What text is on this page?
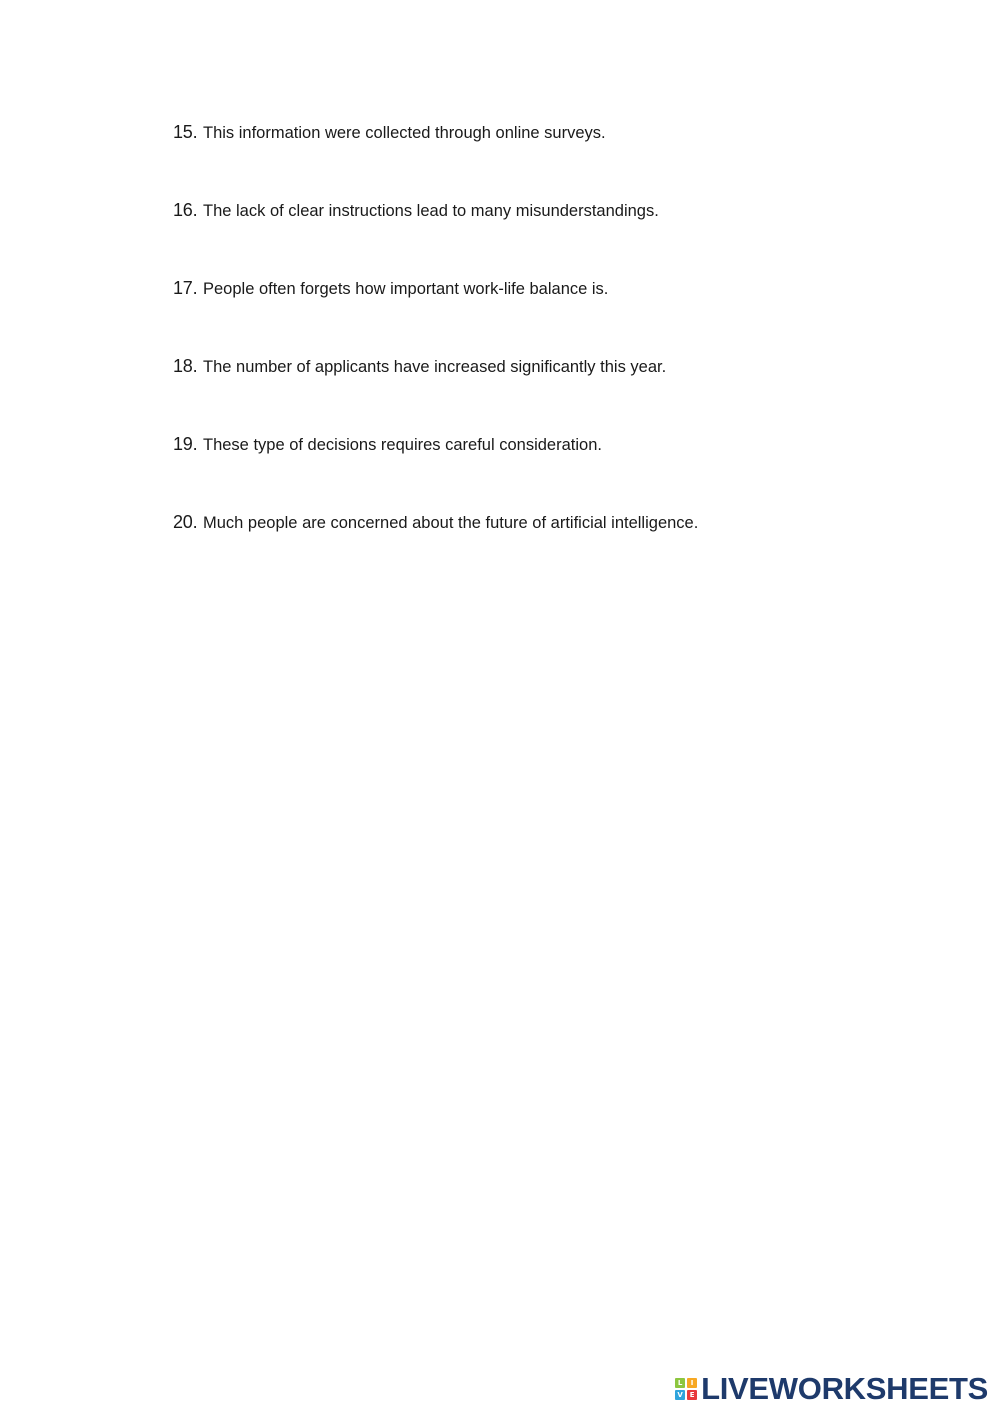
15. This information were collected through online surveys.
16. The lack of clear instructions lead to many misunderstandings.
17. People often forgets how important work-life balance is.
18. The number of applicants have increased significantly this year.
19. These type of decisions requires careful consideration.
20. Much people are concerned about the future of artificial intelligence.
L	I
V E LIVEWORKSHEETS
